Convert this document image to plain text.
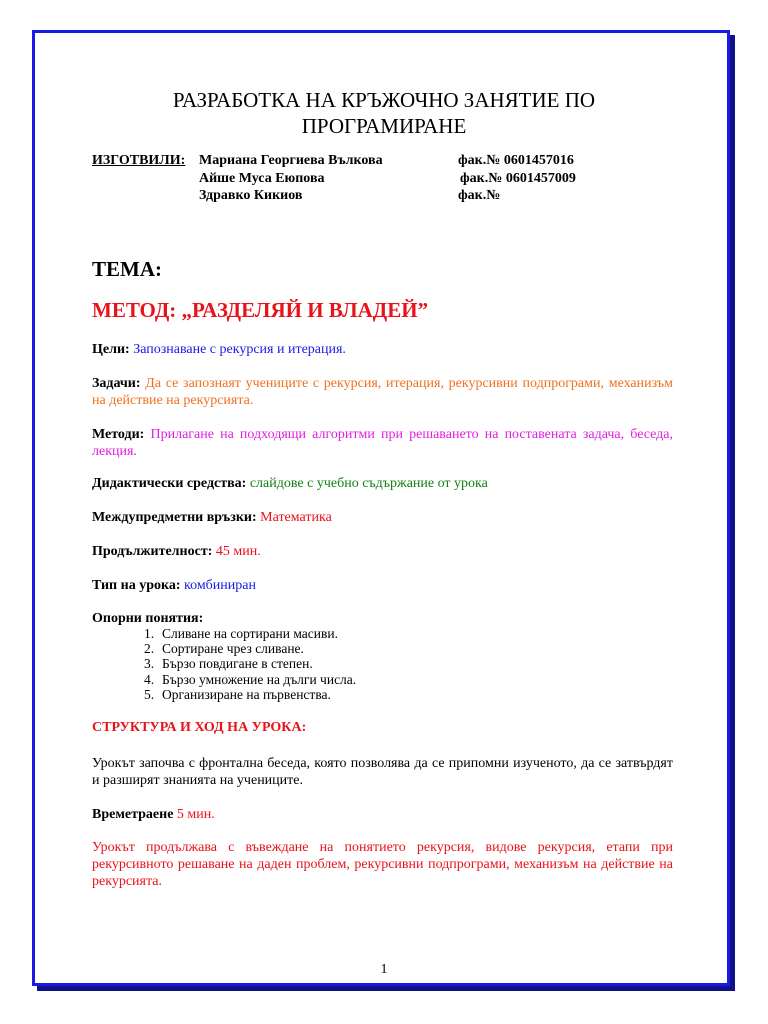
РАЗРАБОТКА НА КРЪЖОЧНО ЗАНЯТИЕ ПО
ПРОГРАМИРАНЕ
ИЗГОТВИЛИ: Мариана Георгиева Вълкова	фак.№ 0601457016
Айше Муса Еюпова	фак.№ 0601457009
Здравко Кикиов	фак.№
ТЕМА:
МЕТОД: „РАЗДЕЛЯЙ И ВЛАДЕЙ”
Цели: Запознаване с рекурсия и итерация.
Задачи: Да се запознаят учениците с рекурсия, итерация, рекурсивни подпрограми, механизъм на действие на рекурсията.
Методи: Прилагане на подходящи алгоритми при решаването на поставената задача, беседа, лекция.
Дидактически средства: слайдове с учебно съдържание от урока
Междупредметни връзки: Математика
Продължителност: 45 мин.
Тип на урока: комбиниран
Опорни понятия:
1. Сливане на сортирани масиви.
2. Сортиране чрез сливане.
3. Бързо повдигане в степен.
4. Бързо умножение на дълги числа.
5. Организиране на първенства.
СТРУКТУРА И ХОД НА УРОКА:
Урокът започва с фронтална беседа, която позволява да се припомни изученото, да се затвърдят и разширят знанията на учениците.
Времетраене 5 мин.
Урокът продължава с въвеждане на понятието рекурсия, видове рекурсия, етапи при рекурсивното решаване на даден проблем, рекурсивни подпрограми, механизъм на действие на рекурсията.
1
